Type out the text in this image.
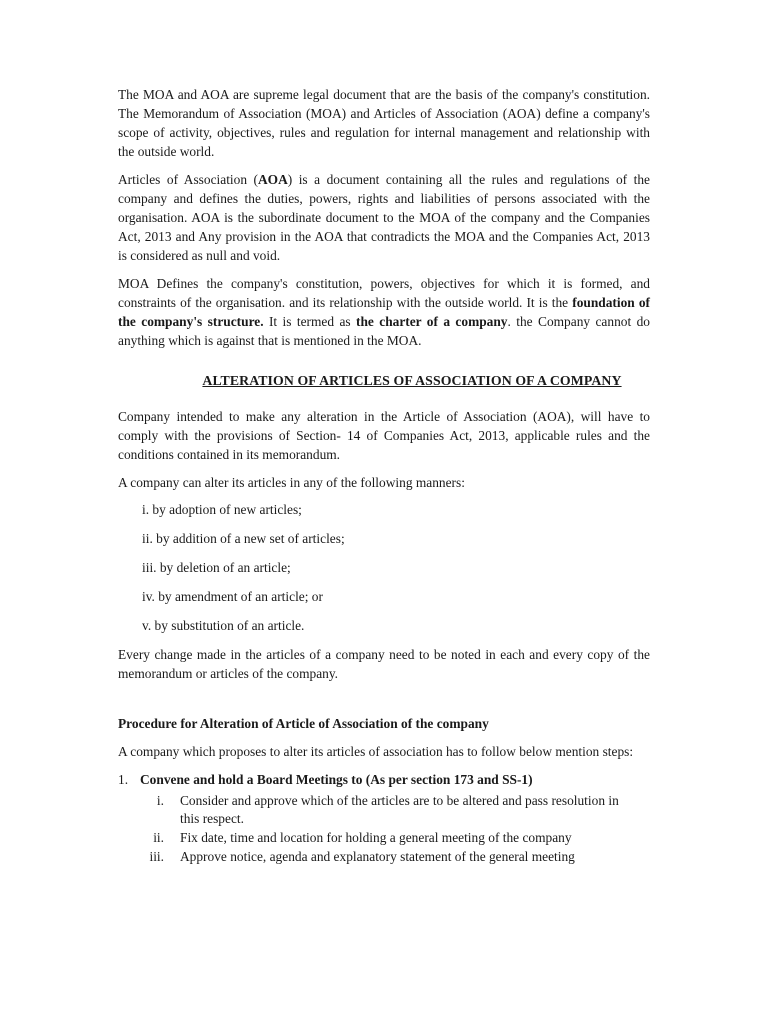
The MOA and AOA are supreme legal document that are the basis of the company's constitution. The Memorandum of Association (MOA) and Articles of Association (AOA) define a company's scope of activity, objectives, rules and regulation for internal management and relationship with the outside world.

Articles of Association (AOA) is a document containing all the rules and regulations of the company and defines the duties, powers, rights and liabilities of persons associated with the organisation. AOA is the subordinate document to the MOA of the company and the Companies Act, 2013 and Any provision in the AOA that contradicts the MOA and the Companies Act, 2013 is considered as null and void.

MOA Defines the company's constitution, powers, objectives for which it is formed, and constraints of the organisation. and its relationship with the outside world. It is the foundation of the company's structure. It is termed as the charter of a company. the Company cannot do anything which is against that is mentioned in the MOA.

ALTERATION OF ARTICLES OF ASSOCIATION OF A COMPANY

Company intended to make any alteration in the Article of Association (AOA), will have to comply with the provisions of Section- 14 of Companies Act, 2013, applicable rules and the conditions contained in its memorandum.

A company can alter its articles in any of the following manners:

i. by adoption of new articles;
ii. by addition of a new set of articles;
iii. by deletion of an article;
iv. by amendment of an article; or
v. by substitution of an article.

Every change made in the articles of a company need to be noted in each and every copy of the memorandum or articles of the company.

Procedure for Alteration of Article of Association of the company

A company which proposes to alter its articles of association has to follow below mention steps:

1. Convene and hold a Board Meetings to (As per section 173 and SS-1)
i.	Consider and approve which of the articles are to be altered and pass resolution in this respect.
ii.	Fix date, time and location for holding a general meeting of the company
iii.	Approve notice, agenda and explanatory statement of the general meeting
